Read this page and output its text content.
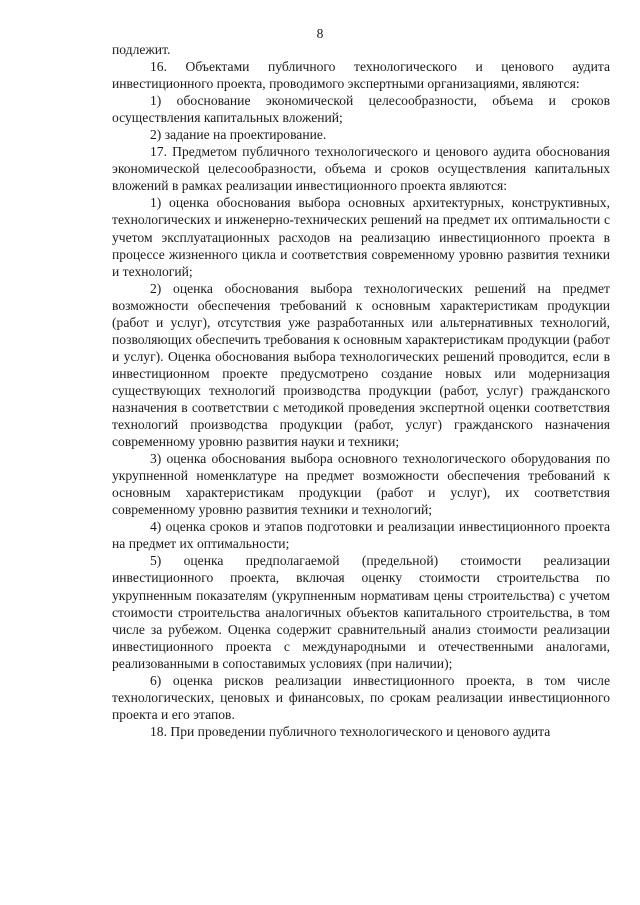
8

подлежит.

16. Объектами публичного технологического и ценового аудита инвестиционного проекта, проводимого экспертными организациями, являются:

1) обоснование экономической целесообразности, объема и сроков осуществления капитальных вложений;

2) задание на проектирование.

17. Предметом публичного технологического и ценового аудита обоснования экономической целесообразности, объема и сроков осуществления капитальных вложений в рамках реализации инвестиционного проекта являются:

1) оценка обоснования выбора основных архитектурных, конструктивных, технологических и инженерно-технических решений на предмет их оптимальности с учетом эксплуатационных расходов на реализацию инвестиционного проекта в процессе жизненного цикла и соответствия современному уровню развития техники и технологий;

2) оценка обоснования выбора технологических решений на предмет возможности обеспечения требований к основным характеристикам продукции (работ и услуг), отсутствия уже разработанных или альтернативных технологий, позволяющих обеспечить требования к основным характеристикам продукции (работ и услуг). Оценка обоснования выбора технологических решений проводится, если в инвестиционном проекте предусмотрено создание новых или модернизация существующих технологий производства продукции (работ, услуг) гражданского назначения в соответствии с методикой проведения экспертной оценки соответствия технологий производства продукции (работ, услуг) гражданского назначения современному уровню развития науки и техники;

3) оценка обоснования выбора основного технологического оборудования по укрупненной номенклатуре на предмет возможности обеспечения требований к основным характеристикам продукции (работ и услуг), их соответствия современному уровню развития техники и технологий;

4) оценка сроков и этапов подготовки и реализации инвестиционного проекта на предмет их оптимальности;

5) оценка предполагаемой (предельной) стоимости реализации инвестиционного проекта, включая оценку стоимости строительства по укрупненным показателям (укрупненным нормативам цены строительства) с учетом стоимости строительства аналогичных объектов капитального строительства, в том числе за рубежом. Оценка содержит сравнительный анализ стоимости реализации инвестиционного проекта с международными и отечественными аналогами, реализованными в сопоставимых условиях (при наличии);

6) оценка рисков реализации инвестиционного проекта, в том числе технологических, ценовых и финансовых, по срокам реализации инвестиционного проекта и его этапов.

18. При проведении публичного технологического и ценового аудита
